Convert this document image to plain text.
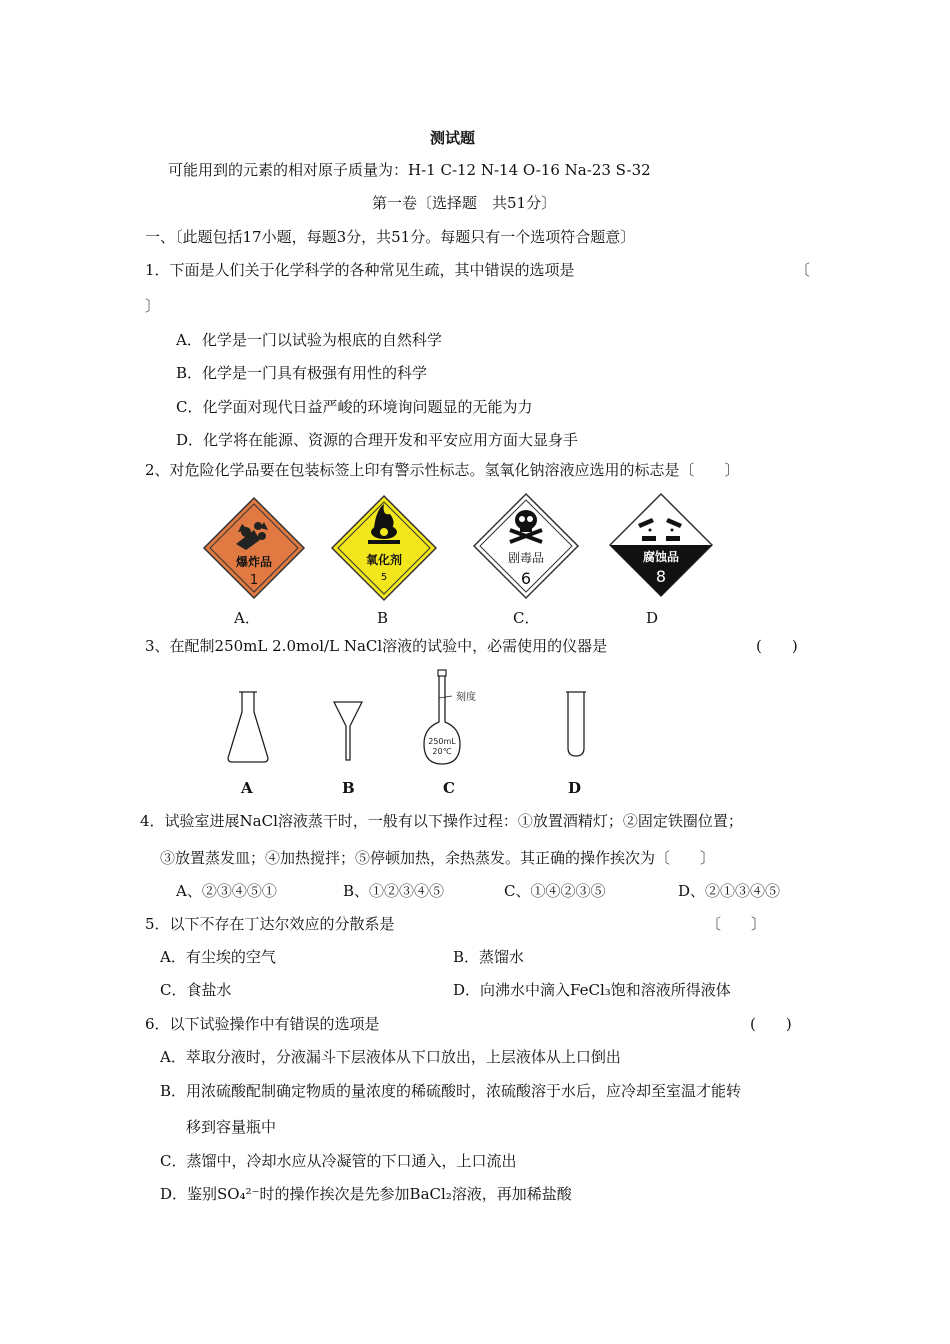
测试题
可能用到的元素的相对原子质量为：H-1 C-12 N-14 O-16 Na-23 S-32
第一卷〔选择题　共51分〕
一、〔此题包括17小题，每题3分，共51分。每题只有一个选项符合题意〕
1．下面是人们关于化学科学的各种常见生疏，其中错误的选项是	〔
〕
A．化学是一门以试验为根底的自然科学
B．化学是一门具有极强有用性的科学
C．化学面对现代日益严峻的环境询问题显的无能为力
D．化学将在能源、资源的合理开发和平安应用方面大显身手
2、对危险化学品要在包装标签上印有警示性标志。氢氧化钠溶液应选用的标志是〔　　〕
爆炸品
1
氧化剂
5
剧毒品
6
腐蚀品
8
A．	B	C．	D
3、在配制250mL 2.0mol/L NaCl溶液的试验中，必需使用的仪器是	(　　)
刻度
250mL
20℃
A	B	C	D
4．试验室进展NaCl溶液蒸干时，一般有以下操作过程：①放置酒精灯；②固定铁圈位置；
③放置蒸发皿；④加热搅拌；⑤停顿加热，余热蒸发。其正确的操作挨次为〔　　〕
A、②③④⑤①	B、①②③④⑤	C、①④②③⑤	D、②①③④⑤
5．以下不存在丁达尔效应的分散系是	〔　　〕
A．有尘埃的空气	B．蒸馏水
C．食盐水	D．向沸水中滴入FeCl₃饱和溶液所得液体
6．以下试验操作中有错误的选项是	(　　)
A．萃取分液时，分液漏斗下层液体从下口放出，上层液体从上口倒出
B．用浓硫酸配制确定物质的量浓度的稀硫酸时，浓硫酸溶于水后，应冷却至室温才能转
移到容量瓶中
C．蒸馏中，冷却水应从冷凝管的下口通入，上口流出
D．鉴别SO₄²⁻时的操作挨次是先参加BaCl₂溶液，再加稀盐酸
